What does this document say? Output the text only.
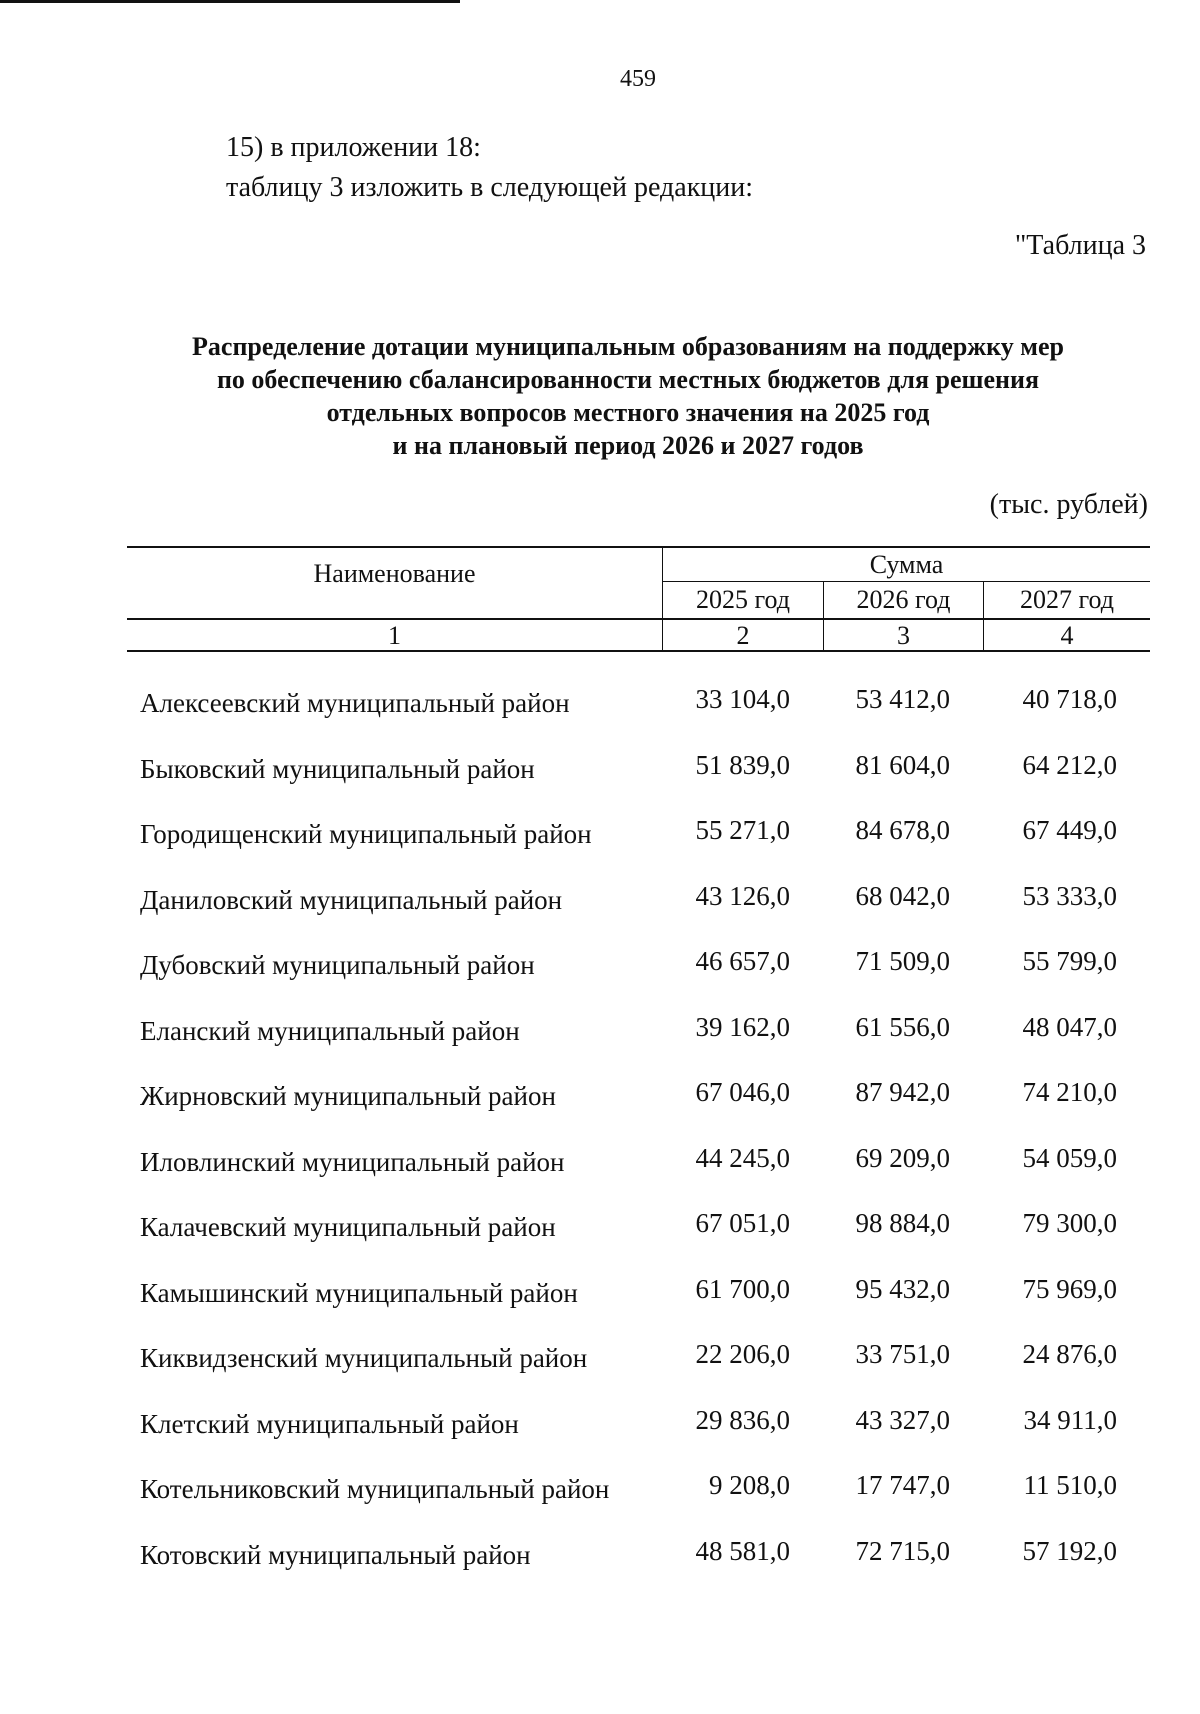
459
15) в приложении 18:
таблицу 3 изложить в следующей редакции:
"Таблица 3
Распределение дотации муниципальным образованиям на поддержку мер
по обеспечению сбалансированности местных бюджетов для решения
отдельных вопросов местного значения на 2025 год
и на плановый период 2026 и 2027 годов
(тыс. рублей)
Наименование	Сумма
2025 год	2026 год	2027 год
1	2	3	4
Алексеевский муниципальный район	33 104,0	53 412,0	40 718,0
Быковский муниципальный район	51 839,0	81 604,0	64 212,0
Городищенский муниципальный район	55 271,0	84 678,0	67 449,0
Даниловский муниципальный район	43 126,0	68 042,0	53 333,0
Дубовский муниципальный район	46 657,0	71 509,0	55 799,0
Еланский муниципальный район	39 162,0	61 556,0	48 047,0
Жирновский муниципальный район	67 046,0	87 942,0	74 210,0
Иловлинский муниципальный район	44 245,0	69 209,0	54 059,0
Калачевский муниципальный район	67 051,0	98 884,0	79 300,0
Камышинский муниципальный район	61 700,0	95 432,0	75 969,0
Киквидзенский муниципальный район	22 206,0	33 751,0	24 876,0
Клетский муниципальный район	29 836,0	43 327,0	34 911,0
Котельниковский муниципальный район	9 208,0	17 747,0	11 510,0
Котовский муниципальный район	48 581,0	72 715,0	57 192,0
